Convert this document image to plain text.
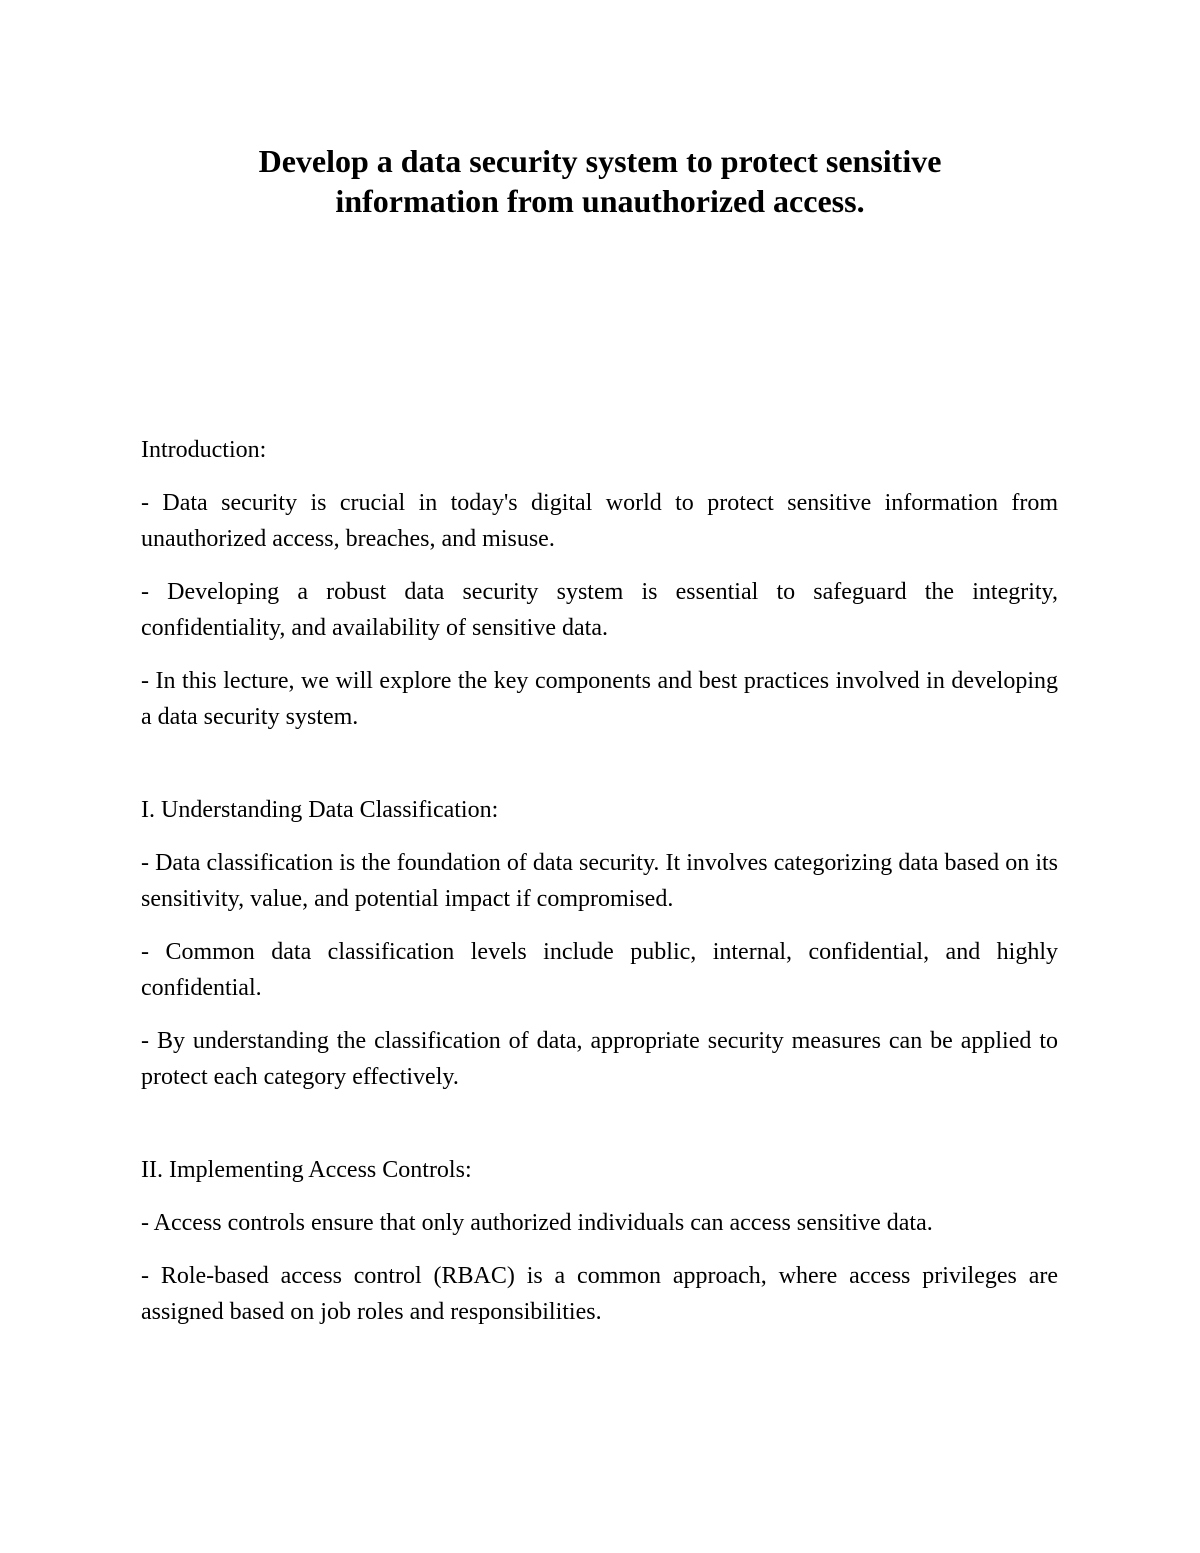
Develop a data security system to protect sensitive
information from unauthorized access.

Introduction:

- Data security is crucial in today's digital world to protect sensitive information from unauthorized access, breaches, and misuse.

- Developing a robust data security system is essential to safeguard the integrity, confidentiality, and availability of sensitive data.

- In this lecture, we will explore the key components and best practices involved in developing a data security system.

I. Understanding Data Classification:

- Data classification is the foundation of data security. It involves categorizing data based on its sensitivity, value, and potential impact if compromised.

- Common data classification levels include public, internal, confidential, and highly confidential.

- By understanding the classification of data, appropriate security measures can be applied to protect each category effectively.

II. Implementing Access Controls:

- Access controls ensure that only authorized individuals can access sensitive data.

- Role-based access control (RBAC) is a common approach, where access privileges are assigned based on job roles and responsibilities.
